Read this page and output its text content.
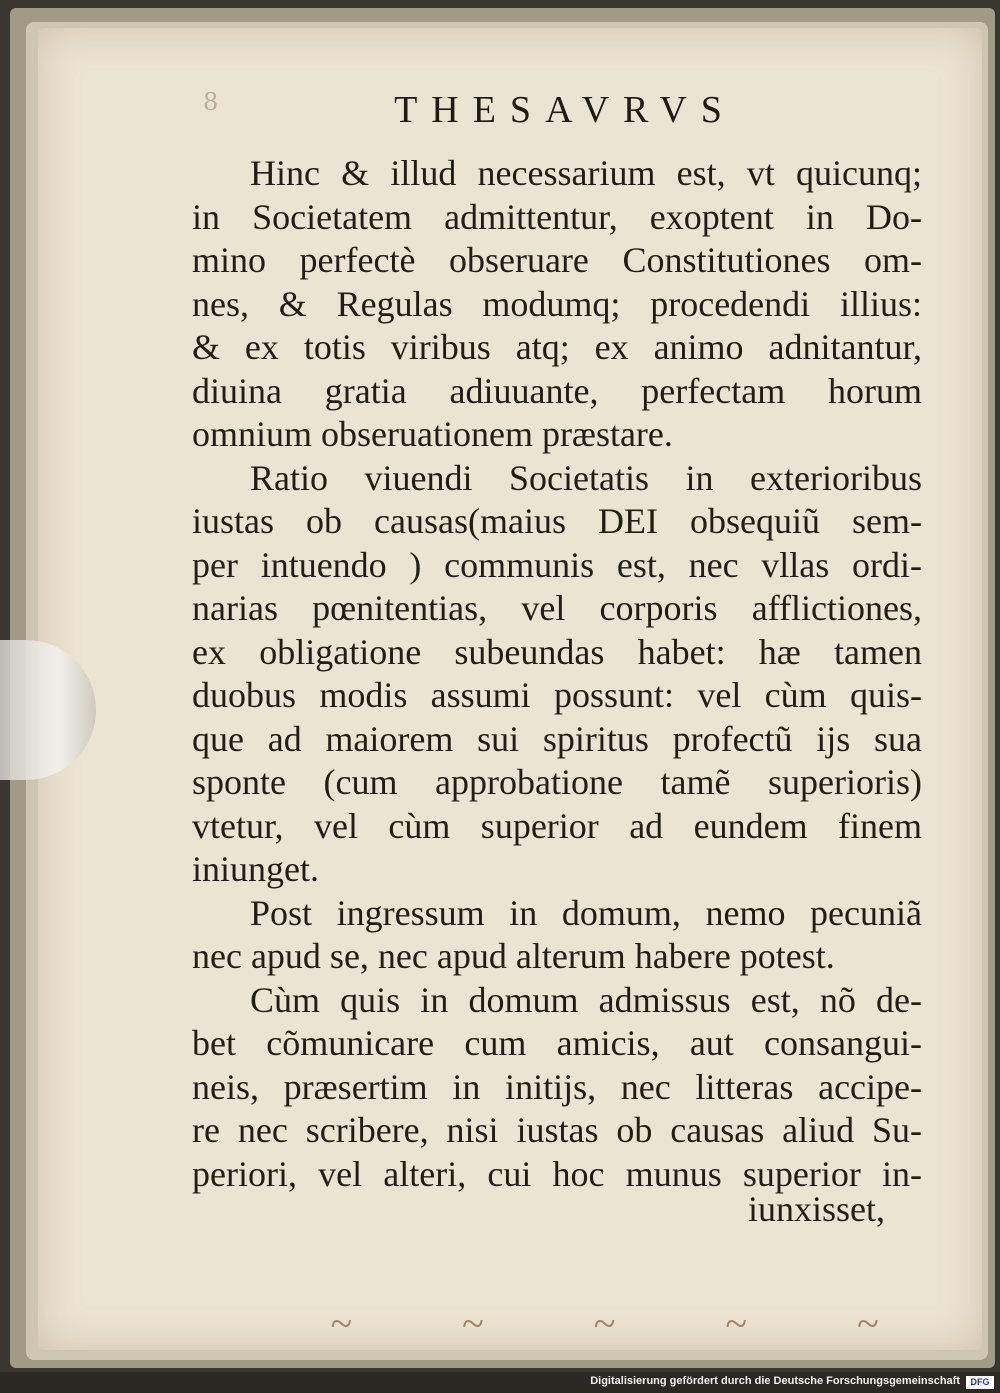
8	THESAVRVS
Hinc & illud necessarium est, vt quicunq;
in Societatem admittentur, exoptent in Do-
mino perfectè obseruare Constitutiones om-
nes, & Regulas modumq; procedendi illius:
& ex totis viribus atq; ex animo adnitantur,
diuina gratia adiuuante, perfectam horum
omnium obseruationem præstare.
Ratio viuendi Societatis in exterioribus
iustas ob causas(maius DEI obsequiũ sem-
per intuendo ) communis est, nec vllas ordi-
narias pœnitentias, vel corporis afflictiones,
ex obligatione subeundas habet: hæ tamen
duobus modis assumi possunt: vel cùm quis-
que ad maiorem sui spiritus profectũ ijs sua
sponte (cum approbatione tamẽ superioris)
vtetur, vel cùm superior ad eundem finem
iniunget.
Post ingressum in domum, nemo pecuniã
nec apud se, nec apud alterum habere potest.
Cùm quis in domum admissus est, nõ de-
bet cõmunicare cum amicis, aut consangui-
neis, præsertim in initijs, nec litteras accipe-
re nec scribere, nisi iustas ob causas aliud Su-
periori, vel alteri, cui hoc munus superior in-
iunxisset,
~ ~ ~ ~ ~
Digitalisierung gefördert durch die Deutsche Forschungsgemeinschaft	DFG
